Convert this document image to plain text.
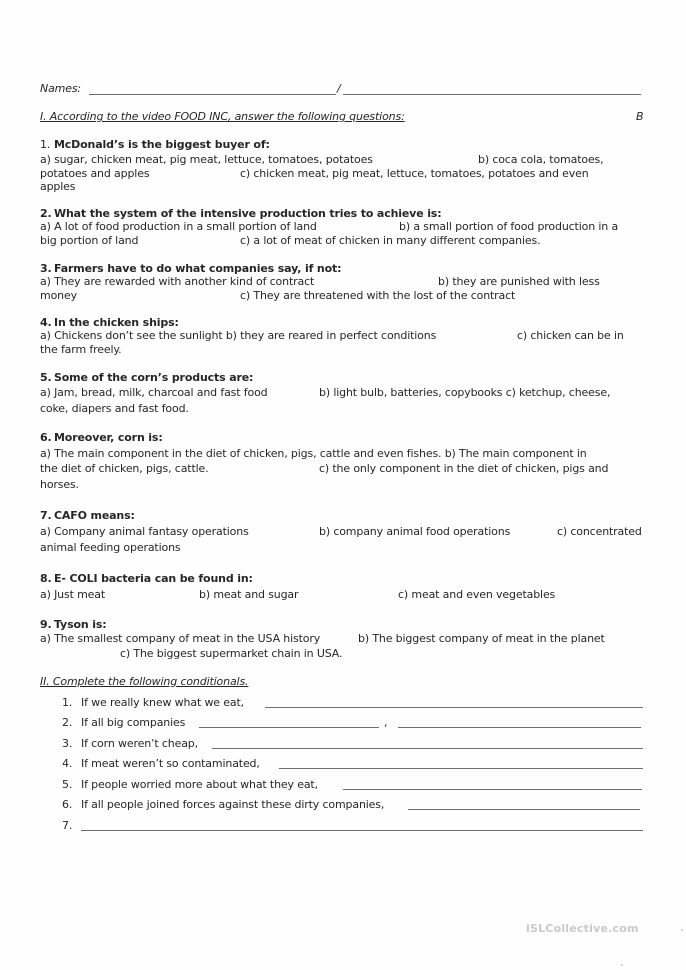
Names:	/
I. According to the video FOOD INC, answer the following questions:	B
1. McDonald’s is the biggest buyer of:
a) sugar, chicken meat, pig meat, lettuce, tomatoes, potatoes	b) coca cola, tomatoes,
potatoes and apples	c) chicken meat, pig meat, lettuce, tomatoes, potatoes and even
apples
2. What the system of the intensive production tries to achieve is:
a) A lot of food production in a small portion of land	b) a small portion of food production in a
big portion of land	c) a lot of meat of chicken in many different companies.
3. Farmers have to do what companies say, if not:
a) They are rewarded with another kind of contract	b) they are punished with less
money	c) They are threatened with the lost of the contract
4. In the chicken ships:
a) Chickens don’t see the sunlight b) they are reared in perfect conditions	c) chicken can be in
the farm freely.
5. Some of the corn’s products are:
a) Jam, bread, milk, charcoal and fast food	b) light bulb, batteries, copybooks c) ketchup, cheese,
coke, diapers and fast food.
6. Moreover, corn is:
a) The main component in the diet of chicken, pigs, cattle and even fishes. b) The main component in
the diet of chicken, pigs, cattle.	c) the only component in the diet of chicken, pigs and
horses.
7. CAFO means:
a) Company animal fantasy operations	b) company animal food operations	c) concentrated
animal feeding operations
8. E- COLI bacteria can be found in:
a) Just meat	b) meat and sugar	c) meat and even vegetables
9. Tyson is:
a) The smallest company of meat in the USA history	b) The biggest company of meat in the planet
c) The biggest supermarket chain in USA.
II. Complete the following conditionals.
1. If we really knew what we eat,
2. If all big companies	,
3. If corn weren’t cheap,
4. If meat weren’t so contaminated,
5. If people worried more about what they eat,
6. If all people joined forces against these dirty companies,
7.
iSLCollective.com
